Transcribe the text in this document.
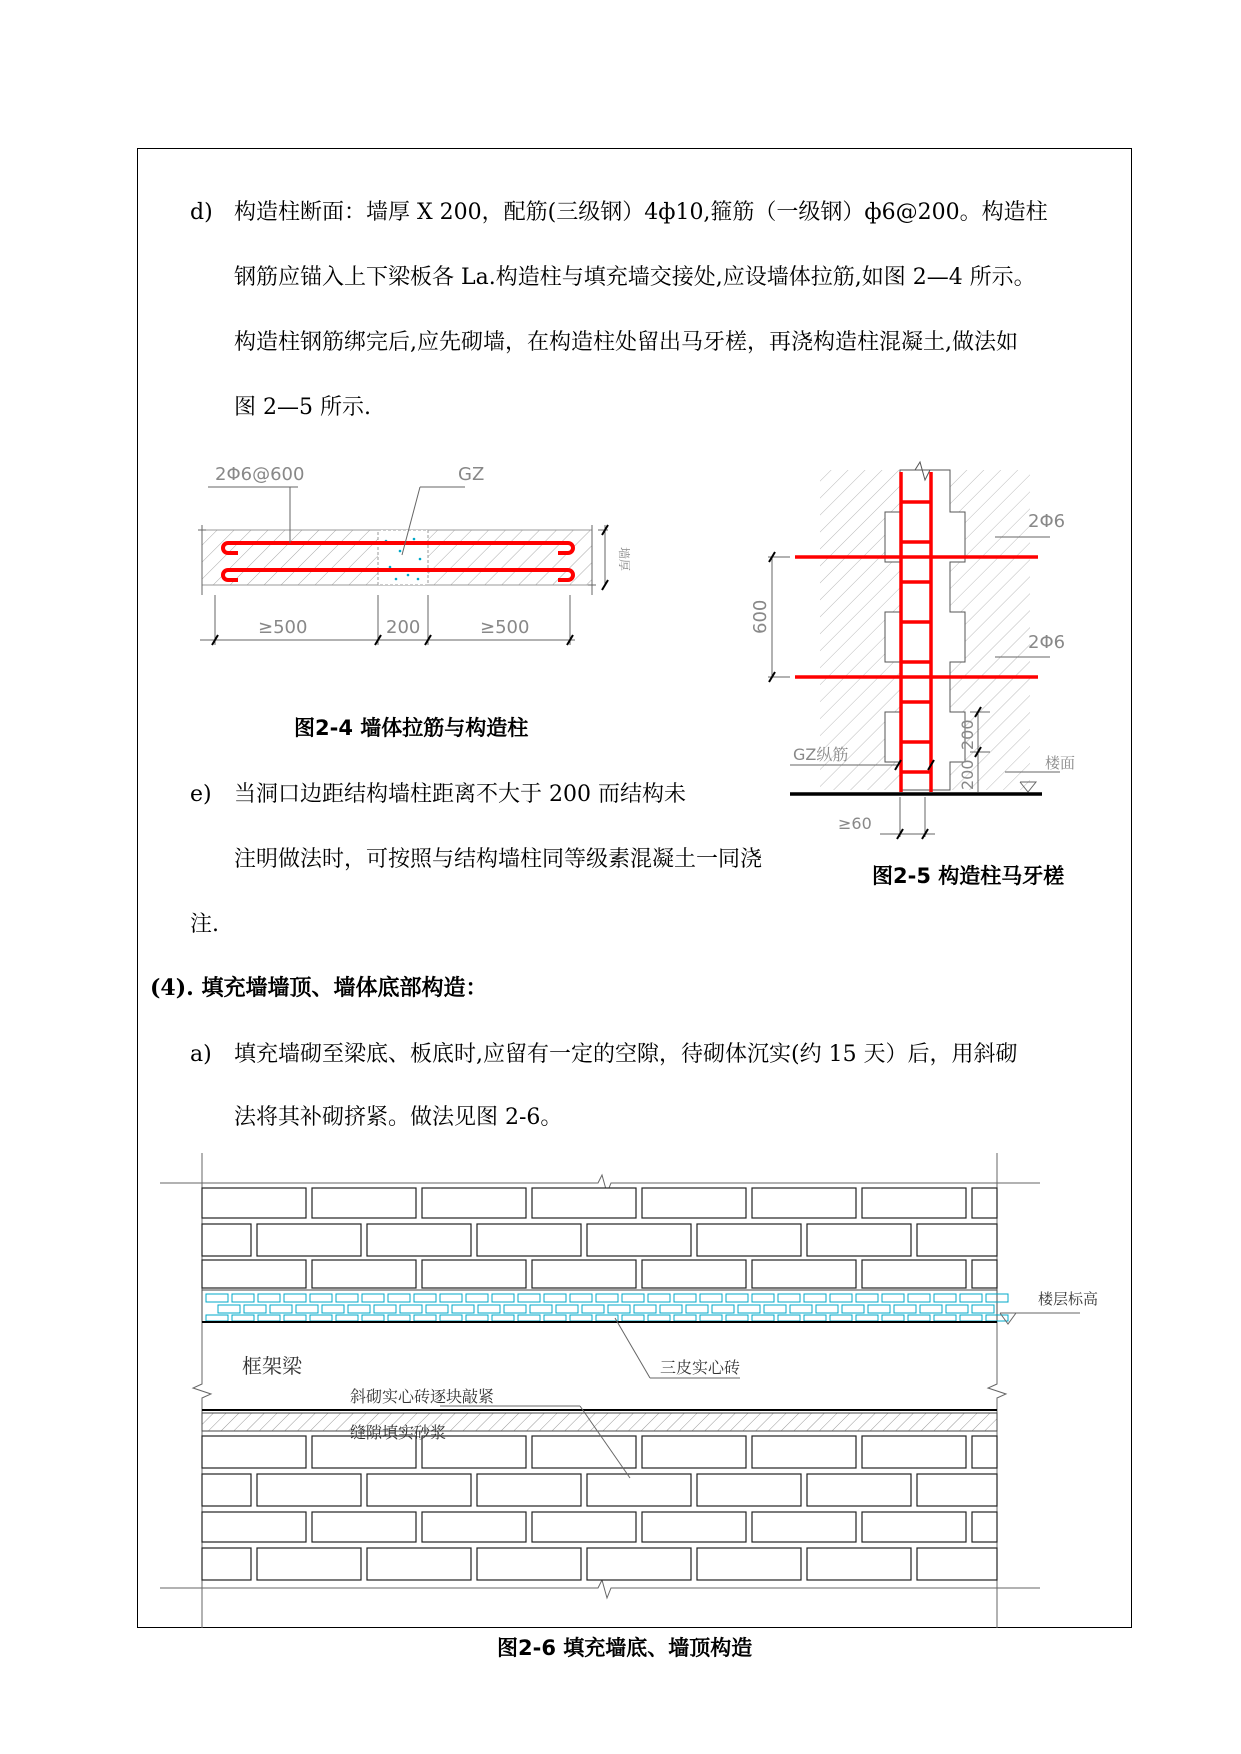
d) 构造柱断面：墙厚 X 200，配筋(三级钢）4ф10,箍筋（一级钢）ф6@200。构造柱
钢筋应锚入上下梁板各 La.构造柱与填充墙交接处,应设墙体拉筋,如图 2—4 所示。
构造柱钢筋绑完后,应先砌墙，在构造柱处留出马牙槎，再浇构造柱混凝土,做法如
图 2—5 所示.
2Φ6@600	GZ
墙厚
≥500	200	≥500
图2-4 墙体拉筋与构造柱
2Φ6
2Φ6
600
200
200
GZ纵筋	楼面
≥60
图2-5 构造柱马牙槎
e) 当洞口边距结构墙柱距离不大于 200 而结构未
注明做法时，可按照与结构墙柱同等级素混凝土一同浇
注.
(4). 填充墙墙顶、墙体底部构造：
a) 填充墙砌至梁底、板底时,应留有一定的空隙，待砌体沉实(约 15 天）后，用斜砌
法将其补砌挤紧。做法见图 2-6。
楼层标高
三皮实心砖
框架梁
斜砌实心砖逐块敲紧
缝隙填实砂浆
图2-6 填充墙底、墙顶构造
